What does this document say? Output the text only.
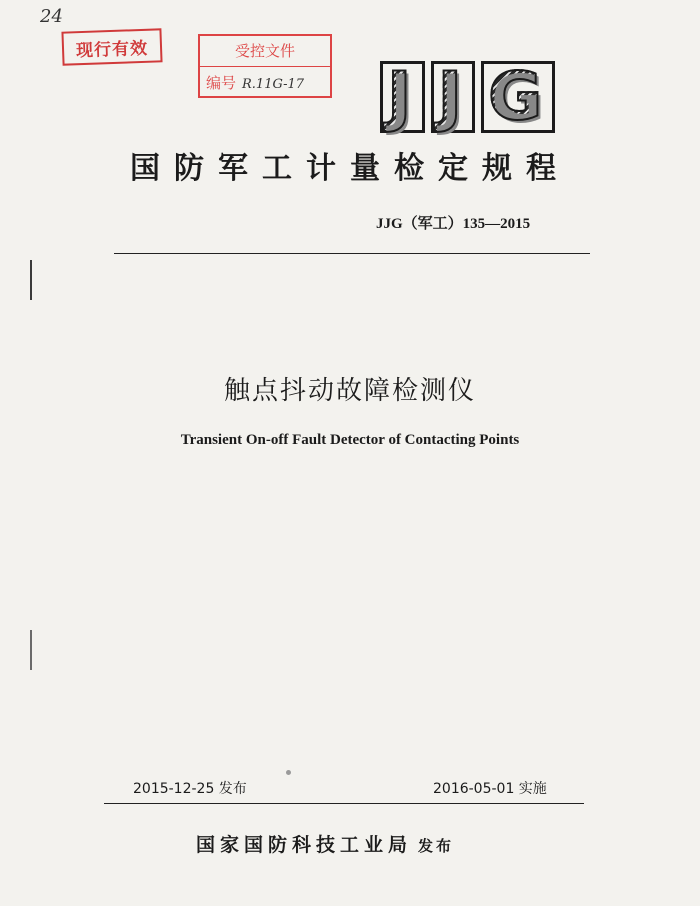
24
现行有效	受控文件
编号 R.11G-17 J J G
国防军工计量检定规程
JJG（军工）135—2015
触点抖动故障检测仪
Transient On-off Fault Detector of Contacting Points
2015-12-25 发布	2016-05-01 实施
国家国防科技工业局 发布
